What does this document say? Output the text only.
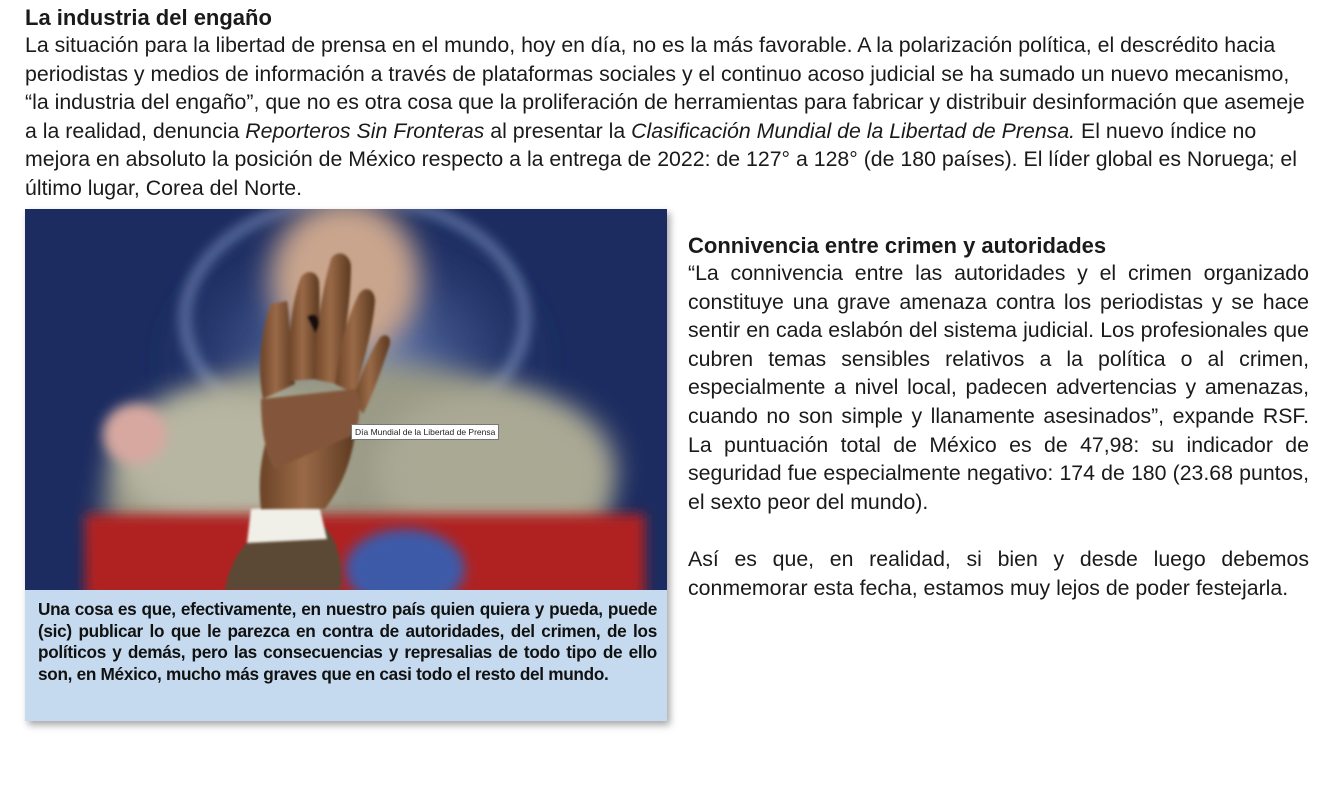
La industria del engaño

La situación para la libertad de prensa en el mundo, hoy en día, no es la más favorable. A la polarización política, el descrédito hacia periodistas y medios de información a través de plataformas sociales y el continuo acoso judicial se ha sumado un nuevo mecanismo, “la industria del engaño”, que no es otra cosa que la proliferación de herramientas para fabricar y distribuir desinformación que asemeje a la realidad, denuncia Reporteros Sin Fronteras al presentar la Clasificación Mundial de la Libertad de Prensa. El nuevo índice no mejora en absoluto la posición de México respecto a la entrega de 2022: de 127° a 128° (de 180 países). El líder global es Noruega; el último lugar, Corea del Norte.

Una cosa es que, efectivamente, en nuestro país quien quiera y pueda, puede (sic) publicar lo que le parezca en contra de autoridades, del crimen, de los políticos y demás, pero las consecuencias y represalias de todo tipo de ello son, en México, mucho más graves que en casi todo el resto del mundo.
Día Mundial de la Libertad de Prensa
Connivencia entre crimen y autoridades

“La connivencia entre las autoridades y el crimen organizado constituye una grave amenaza contra los periodistas y se hace sentir en cada eslabón del sistema judicial. Los profesionales que cubren temas sensibles relativos a la política o al crimen, especialmente a nivel local, padecen advertencias y amenazas, cuando no son simple y llanamente asesinados”, expande RSF. La puntuación total de México es de 47,98: su indicador de seguridad fue especialmente negativo: 174 de 180 (23.68 puntos, el sexto peor del mundo).

Así es que, en realidad, si bien y desde luego debemos conmemorar esta fecha, estamos muy lejos de poder festejarla.
